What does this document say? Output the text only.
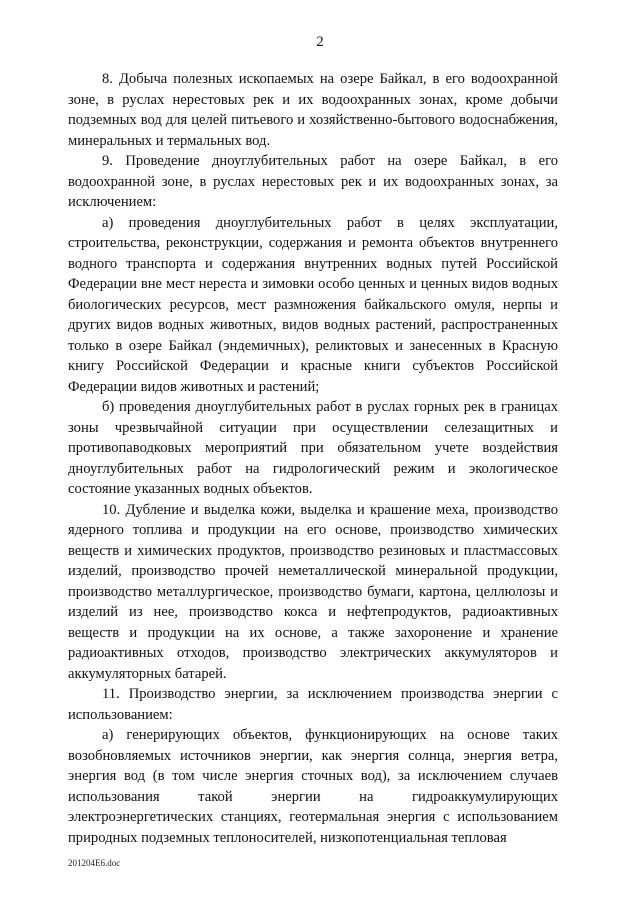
2

8. Добыча полезных ископаемых на озере Байкал, в его водоохранной зоне, в руслах нерестовых рек и их водоохранных зонах, кроме добычи подземных вод для целей питьевого и хозяйственно-бытового водоснабжения, минеральных и термальных вод.

9. Проведение дноуглубительных работ на озере Байкал, в его водоохранной зоне, в руслах нерестовых рек и их водоохранных зонах, за исключением:

а) проведения дноуглубительных работ в целях эксплуатации, строительства, реконструкции, содержания и ремонта объектов внутреннего водного транспорта и содержания внутренних водных путей Российской Федерации вне мест нереста и зимовки особо ценных и ценных видов водных биологических ресурсов, мест размножения байкальского омуля, нерпы и других видов водных животных, видов водных растений, распространенных только в озере Байкал (эндемичных), реликтовых и занесенных в Красную книгу Российской Федерации и красные книги субъектов Российской Федерации видов животных и растений;

б) проведения дноуглубительных работ в руслах горных рек в границах зоны чрезвычайной ситуации при осуществлении селезащитных и противопаводковых мероприятий при обязательном учете воздействия дноуглубительных работ на гидрологический режим и экологическое состояние указанных водных объектов.

10. Дубление и выделка кожи, выделка и крашение меха, производство ядерного топлива и продукции на его основе, производство химических веществ и химических продуктов, производство резиновых и пластмассовых изделий, производство прочей неметаллической минеральной продукции, производство металлургическое, производство бумаги, картона, целлюлозы и изделий из нее, производство кокса и нефтепродуктов, радиоактивных веществ и продукции на их основе, а также захоронение и хранение радиоактивных отходов, производство электрических аккумуляторов и аккумуляторных батарей.

11. Производство энергии, за исключением производства энергии с использованием:

а) генерирующих объектов, функционирующих на основе таких возобновляемых источников энергии, как энергия солнца, энергия ветра, энергия вод (в том числе энергия сточных вод), за исключением случаев использования такой энергии на гидроаккумулирующих электроэнергетических станциях, геотермальная энергия с использованием природных подземных теплоносителей, низкопотенциальная тепловая

201204E6.doc
